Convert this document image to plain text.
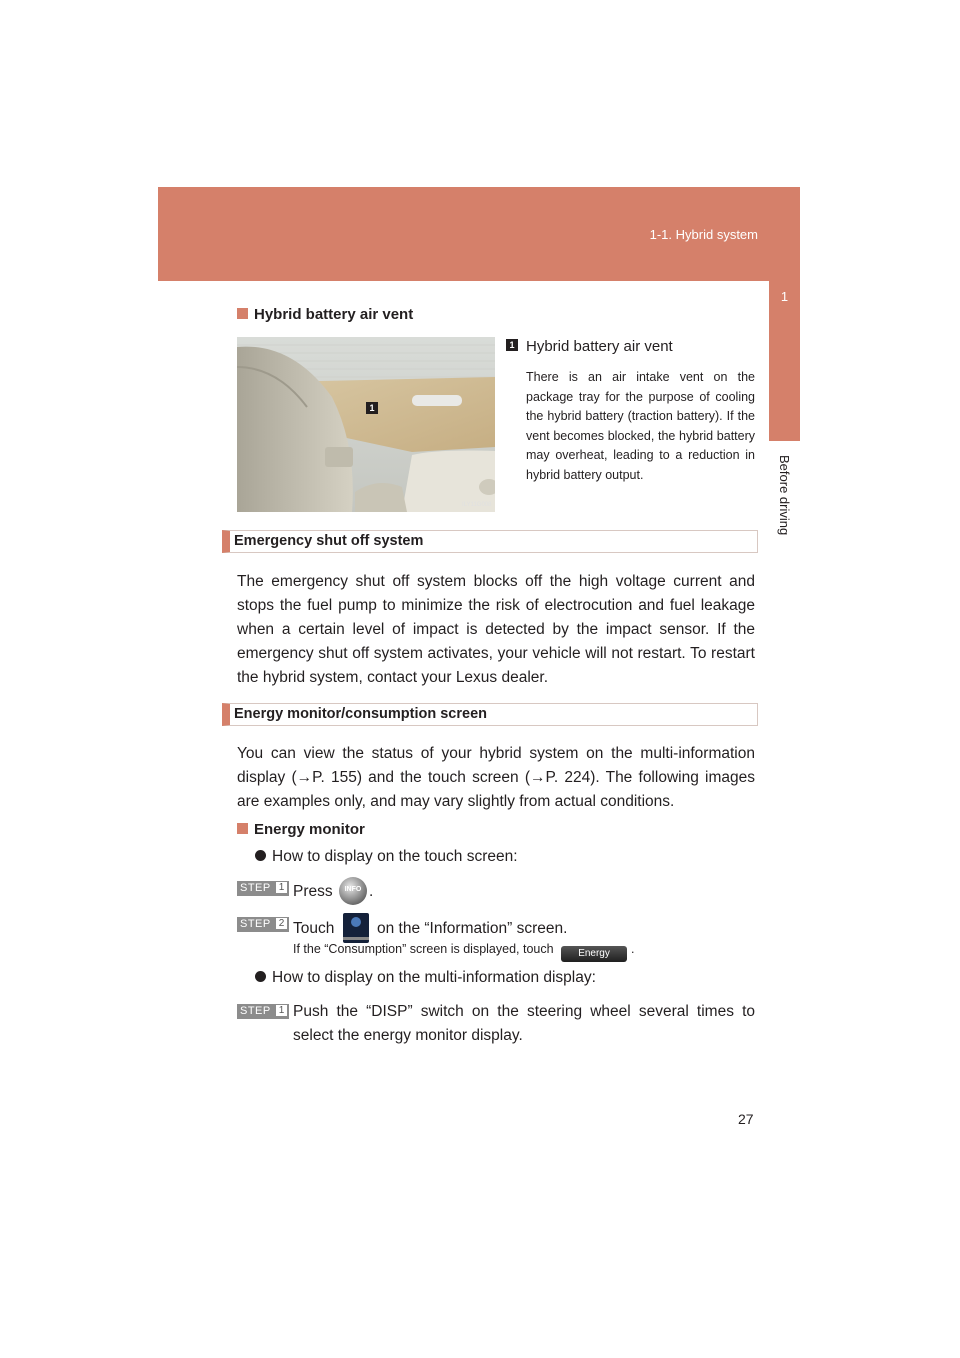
1-1. Hybrid system
1
Before driving
Hybrid battery air vent
1
ILY11G008
1 Hybrid battery air vent
There is an air intake vent on the package tray for the purpose of cooling the hybrid battery (traction battery). If the vent becomes blocked, the hybrid battery may overheat, leading to a reduction in hybrid battery output.
Emergency shut off system
The emergency shut off system blocks off the high voltage current and stops the fuel pump to minimize the risk of electrocution and fuel leakage when a certain level of impact is detected by the impact sensor. If the emergency shut off system activates, your vehicle will not restart. To restart the hybrid system, contact your Lexus dealer.
Energy monitor/consumption screen
You can view the status of your hybrid system on the multi-information display (→P. 155) and the touch screen (→P. 224). The following images are examples only, and may vary slightly from actual conditions.
Energy monitor
How to display on the touch screen:
STEP 1 Press	INFO .
STEP 2 Touch	on the “Information” screen.
If the “Consumption” screen is displayed, touch Energy .
How to display on the multi-information display:
STEP 1 Push the “DISP” switch on the steering wheel several times to select the energy monitor display.
27
